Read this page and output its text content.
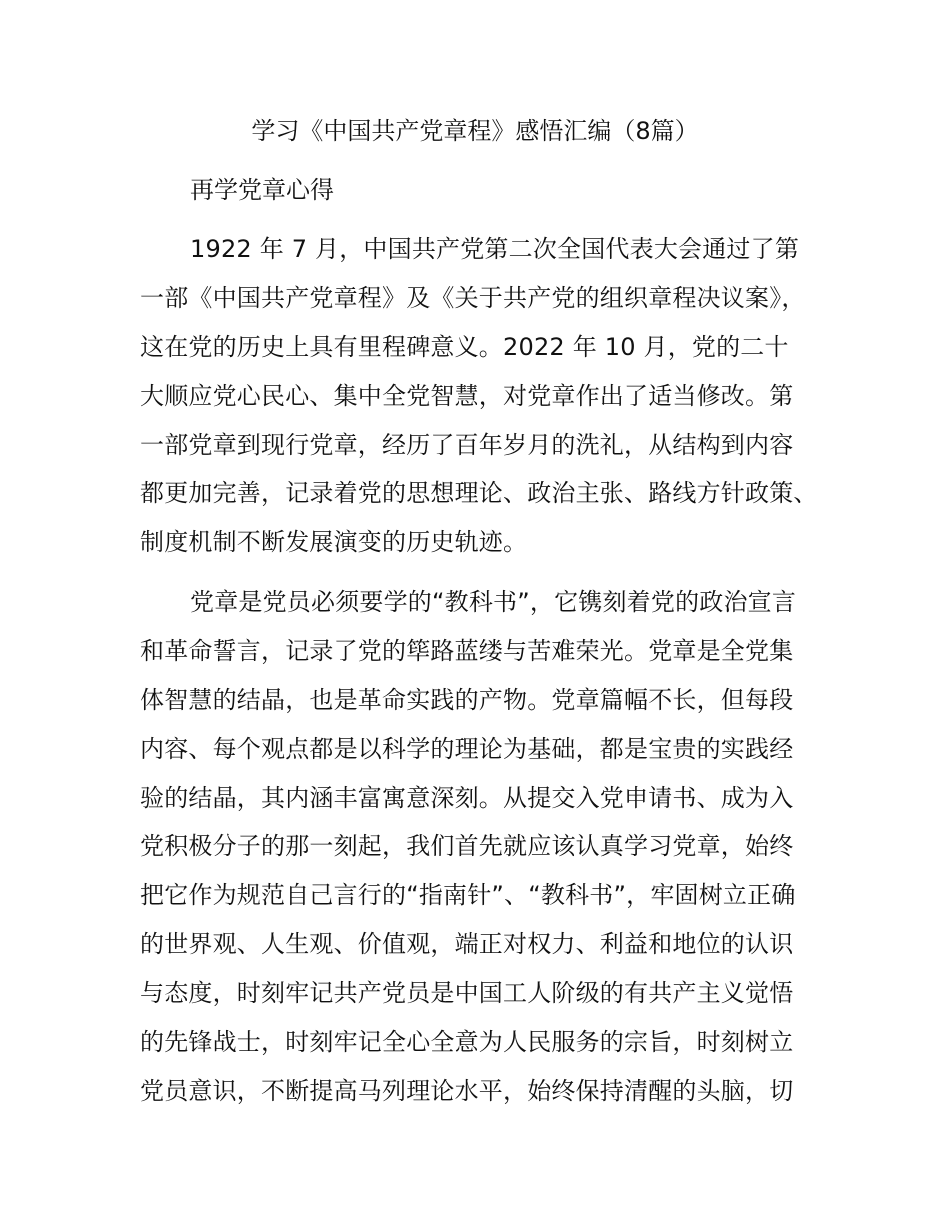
学习《中国共产党章程》感悟汇编（8篇）
再学党章心得
1922 年 7 月，中国共产党第二次全国代表大会通过了第
一部《中国共产党章程》及《关于共产党的组织章程决议案》，
这在党的历史上具有里程碑意义。2022 年 10 月，党的二十
大顺应党心民心、集中全党智慧，对党章作出了适当修改。第
一部党章到现行党章，经历了百年岁月的洗礼，从结构到内容
都更加完善，记录着党的思想理论、政治主张、路线方针政策、
制度机制不断发展演变的历史轨迹。
党章是党员必须要学的“教科书”，它镌刻着党的政治宣言
和革命誓言，记录了党的筚路蓝缕与苦难荣光。党章是全党集
体智慧的结晶，也是革命实践的产物。党章篇幅不长，但每段
内容、每个观点都是以科学的理论为基础，都是宝贵的实践经
验的结晶，其内涵丰富寓意深刻。从提交入党申请书、成为入
党积极分子的那一刻起，我们首先就应该认真学习党章，始终
把它作为规范自己言行的“指南针”、“教科书”，牢固树立正确
的世界观、人生观、价值观，端正对权力、利益和地位的认识
与态度，时刻牢记共产党员是中国工人阶级的有共产主义觉悟
的先锋战士，时刻牢记全心全意为人民服务的宗旨，时刻树立
党员意识，不断提高马列理论水平，始终保持清醒的头脑，切
